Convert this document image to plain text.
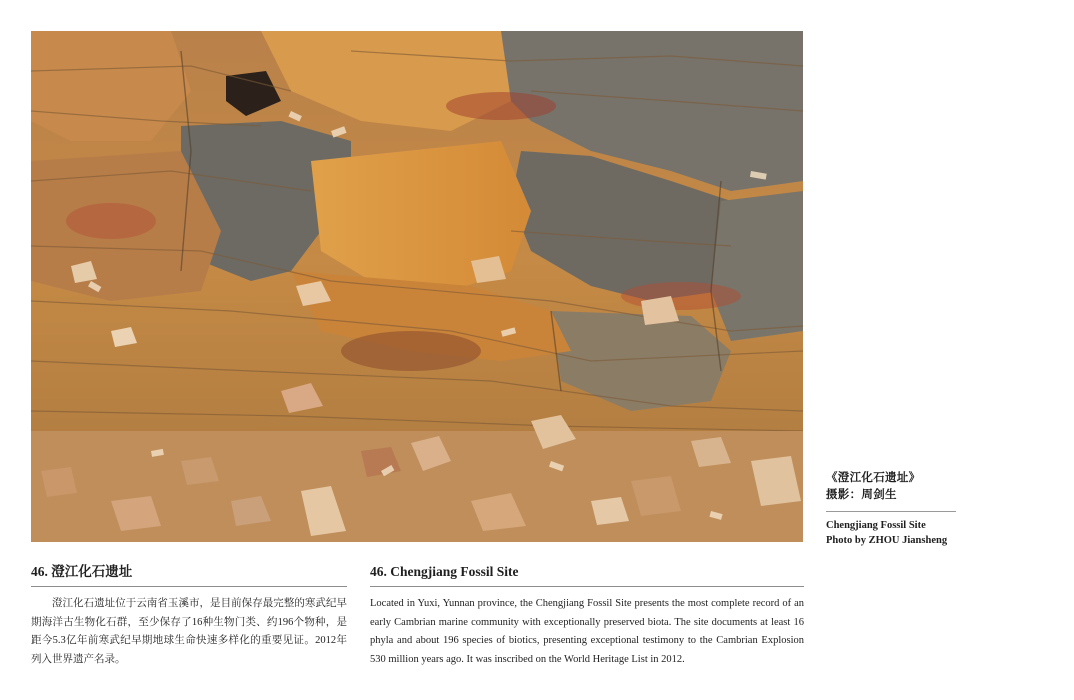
《澄江化石遗址》
摄影：周剑生
Chengjiang Fossil Site
Photo by ZHOU Jiansheng
46. 澄江化石遗址
澄江化石遗址位于云南省玉溪市，是目前保存最完整的寒武纪早期海洋古生物化石群，至少保存了16种生物门类、约196个物种，是距今5.3亿年前寒武纪早期地球生命快速多样化的重要见证。2012年列入世界遗产名录。
46. Chengjiang Fossil Site
Located in Yuxi, Yunnan province, the Chengjiang Fossil Site presents the most complete record of an early Cambrian marine community with exceptionally preserved biota. The site documents at least 16 phyla and about 196 species of biotics, presenting exceptional testimony to the Cambrian Explosion 530 million years ago. It was inscribed on the World Heritage List in 2012.
